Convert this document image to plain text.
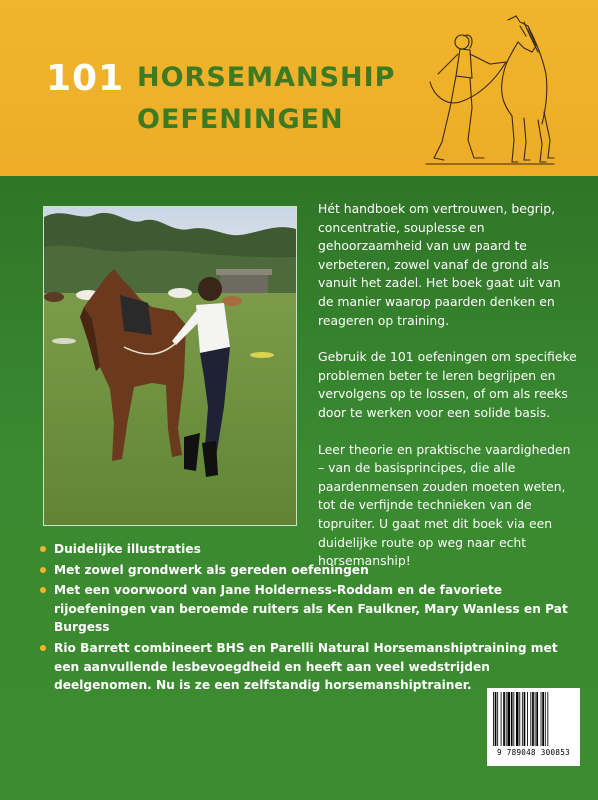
101 HORSEMANSHIP
OEFENINGEN

Hét handboek om vertrouwen, begrip, concentratie, souplesse en gehoorzaamheid van uw paard te verbeteren, zowel vanaf de grond als vanuit het zadel. Het boek gaat uit van de manier waarop paarden denken en reageren op training.

Gebruik de 101 oefeningen om specifieke problemen beter te leren begrijpen en vervolgens op te lossen, of om als reeks door te werken voor een solide basis.

Leer theorie en praktische vaardigheden – van de basisprincipes, die alle paardenmensen zouden moeten weten, tot de verfijnde technieken van de topruiter. U gaat met dit boek via een duidelijke route op weg naar echt horsemanship!

Duidelijke illustraties
Met zowel grondwerk als gereden oefeningen
Met een voorwoord van Jane Holderness-Roddam en de favoriete rijoefeningen van beroemde ruiters als Ken Faulkner, Mary Wanless en Pat Burgess
Rio Barrett combineert BHS en Parelli Natural Horsemanshiptraining met een aanvullende lesbevoegdheid en heeft aan veel wedstrijden deelgenomen. Nu is ze een zelfstandig horsemanshiptrainer.
9 789048 300853
